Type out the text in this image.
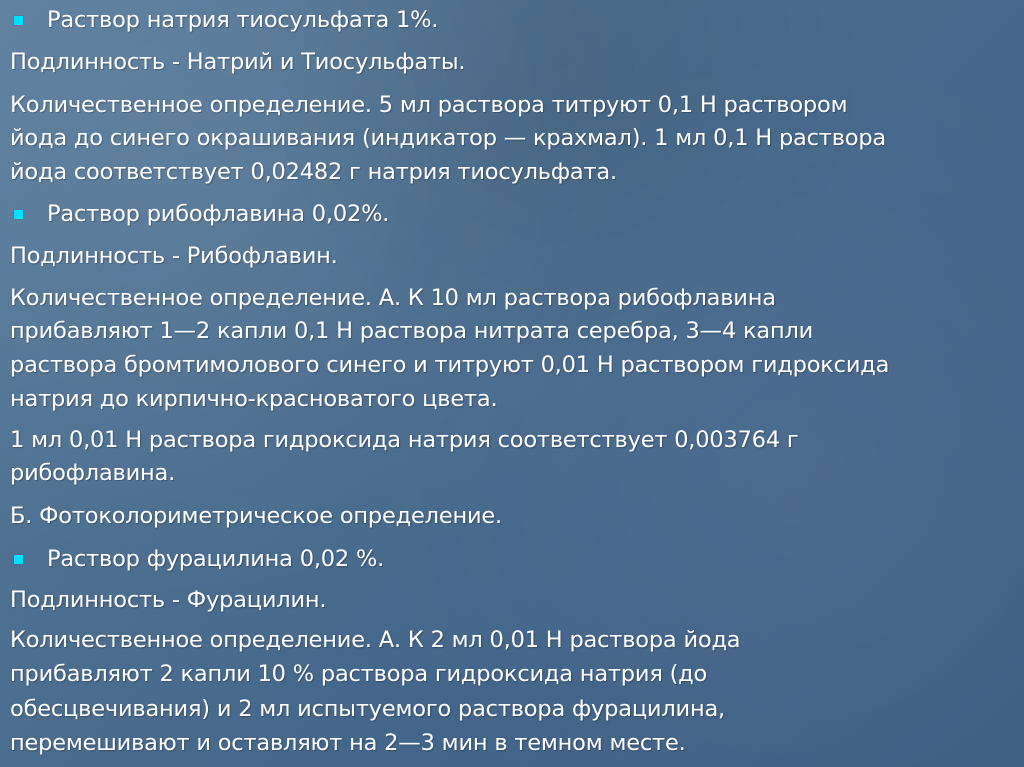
Раствор натрия тиосульфата 1%.
Подлинность - Натрий и Тиосульфаты.
Количественное определение. 5 мл раствора титруют 0,1 Н раствором
йода до синего окрашивания (индикатор — крахмал). 1 мл 0,1 Н раствора
йода соответствует 0,02482 г натрия тиосульфата.
Раствор рибофлавина 0,02%.
Подлинность - Рибофлавин.
Количественное определение. А. К 10 мл раствора рибофлавина
прибавляют 1—2 капли 0,1 Н раствора нитрата серебра, 3—4 капли
раствора бромтимолового синего и титруют 0,01 Н раствором гидроксида
натрия до кирпично-красноватого цвета.
1 мл 0,01 Н раствора гидроксида натрия соответствует 0,003764 г
рибофлавина.
Б. Фотоколориметрическое определение.
Раствор фурацилина 0,02 %.
Подлинность - Фурацилин.
Количественное определение. А. К 2 мл 0,01 Н раствора йода
прибавляют 2 капли 10 % раствора гидроксида натрия (до
обесцвечивания) и 2 мл испытуемого раствора фурацилина,
перемешивают и оставляют на 2—3 мин в темном месте.
